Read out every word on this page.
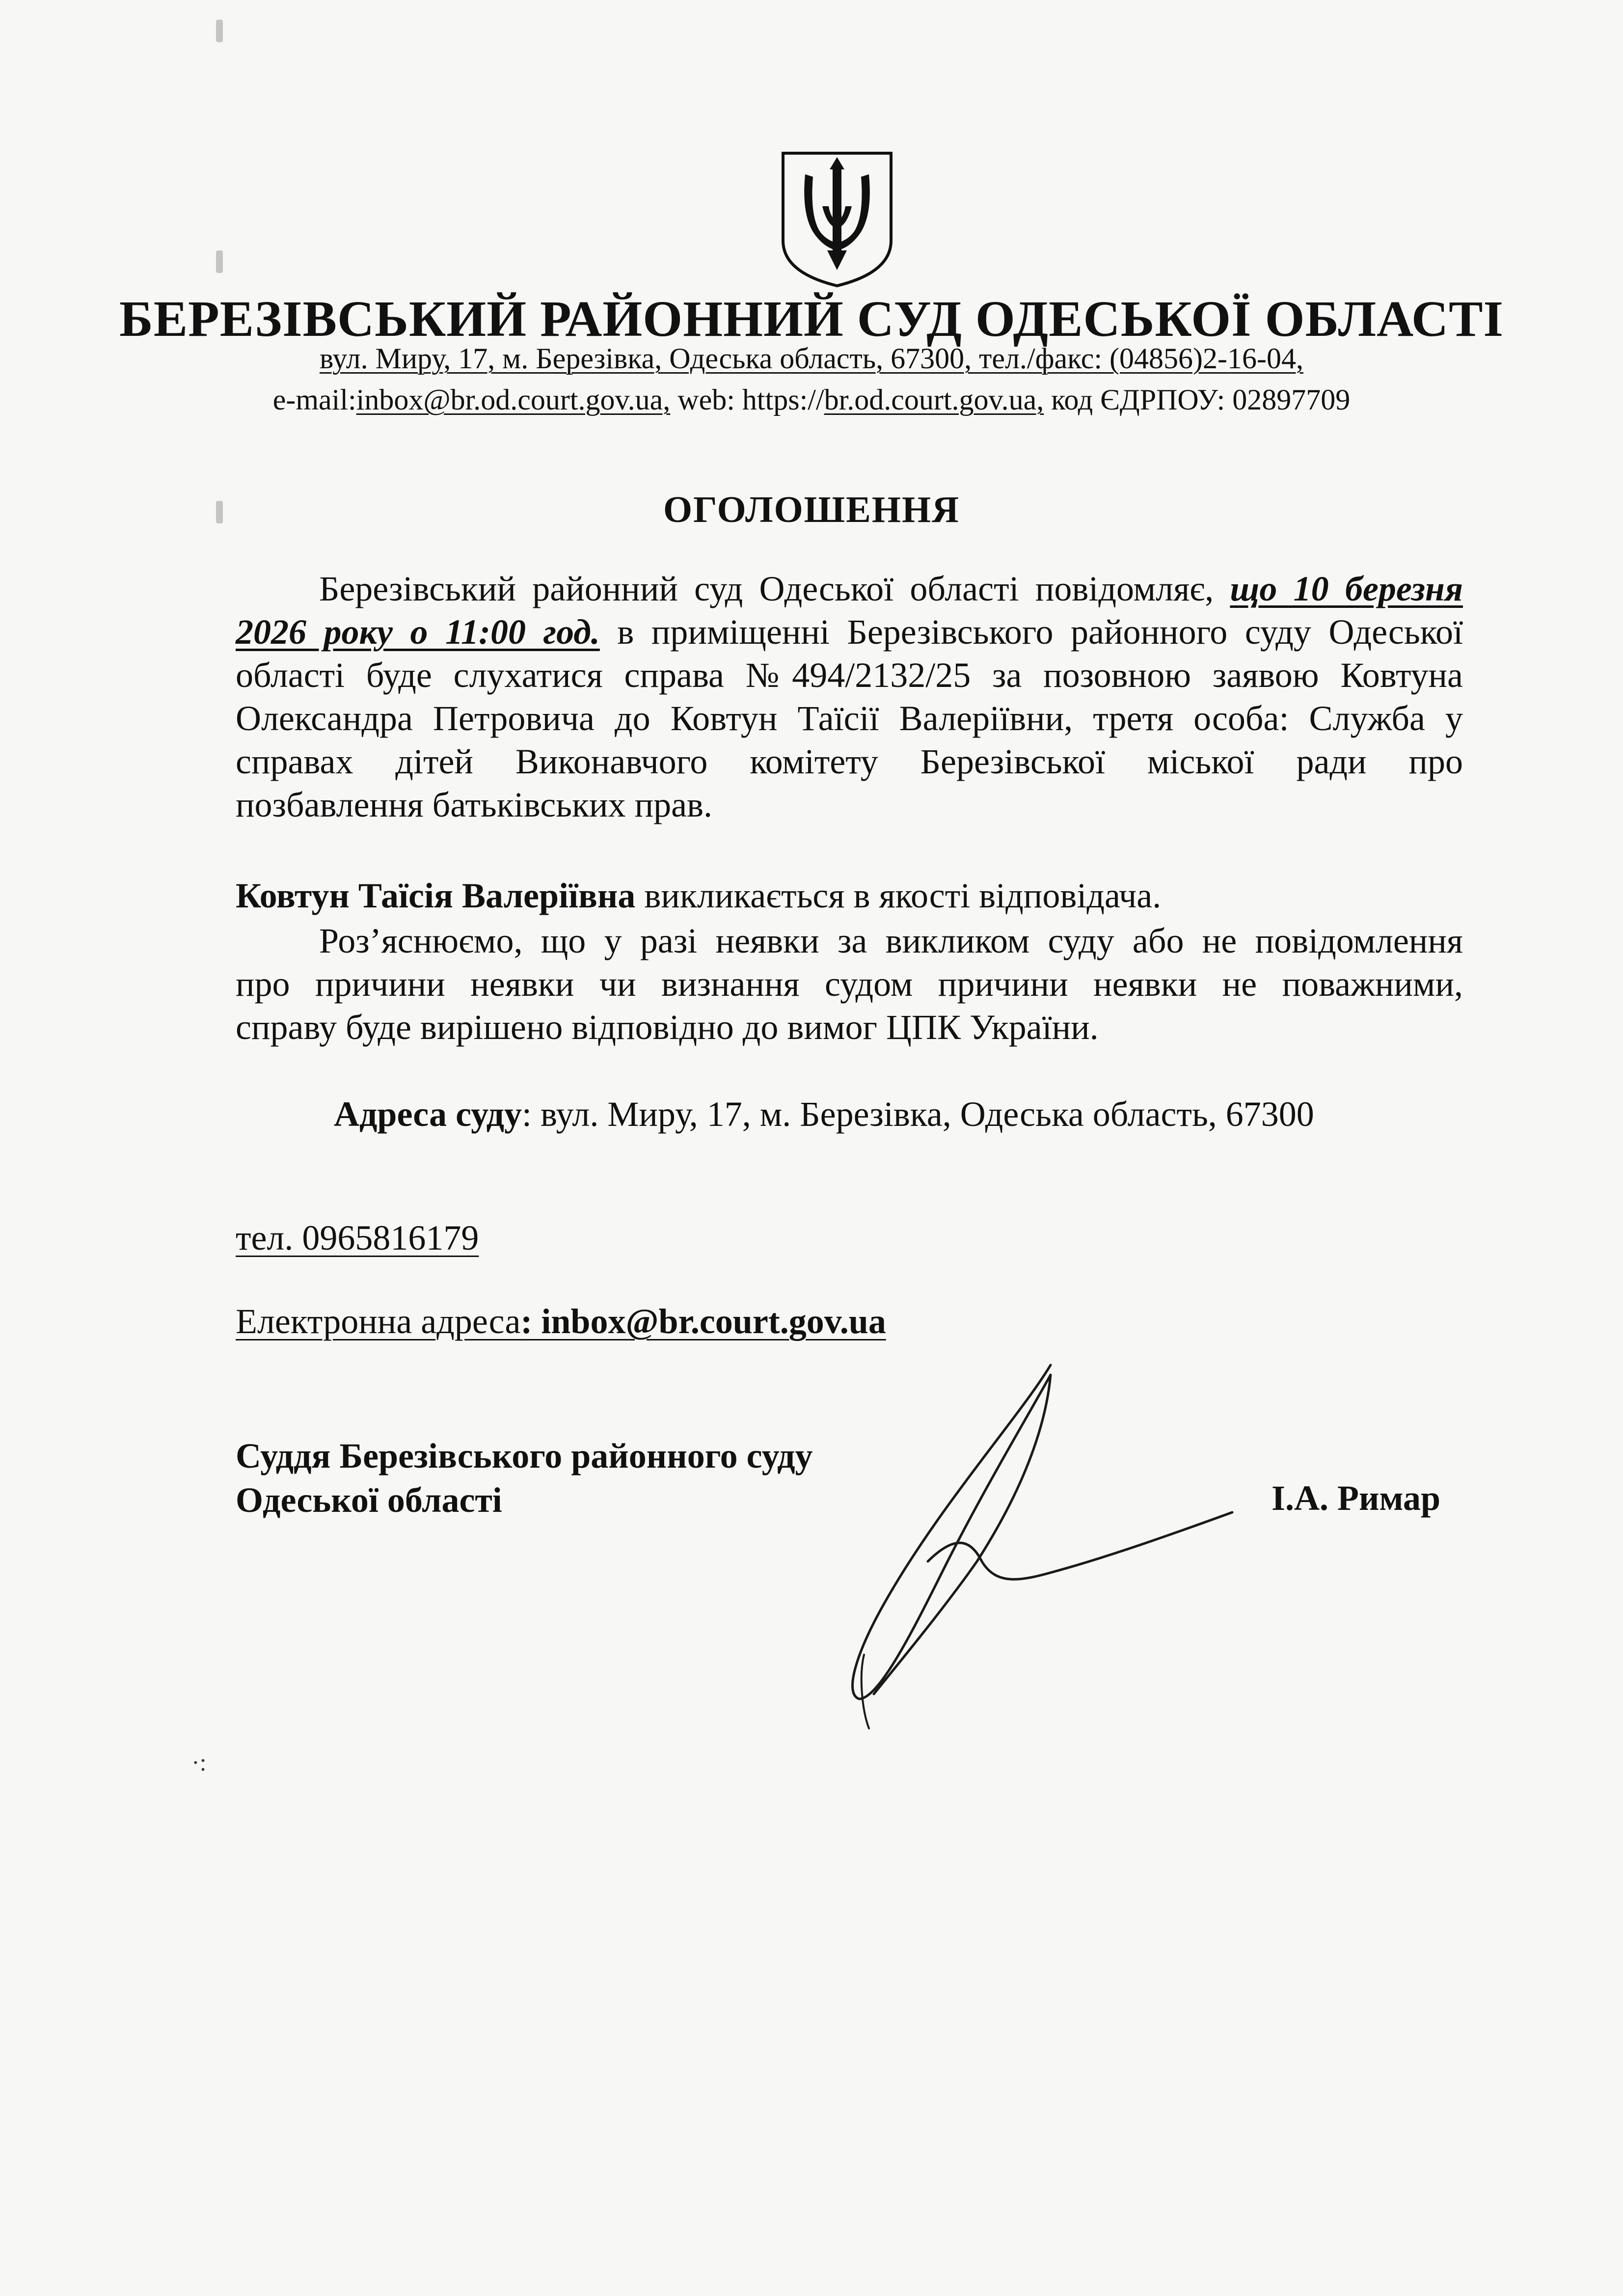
БЕРЕЗІВСЬКИЙ РАЙОННИЙ СУД ОДЕСЬКОЇ ОБЛАСТІ
вул. Миру, 17, м. Березівка, Одеська область, 67300, тел./факс: (04856)2-16-04,
e-mail:inbox@br.od.court.gov.ua, web: https://br.od.court.gov.ua, код ЄДРПОУ: 02897709
ОГОЛОШЕННЯ
Березівський районний суд Одеської області повідомляє, що 10 березня
2026 року о 11:00 год. в приміщенні Березівського районного суду Одеської
області буде слухатися справа №494/2132/25 за позовною заявою Ковтуна
Олександра Петровича до Ковтун Таїсії Валеріївни, третя особа: Служба у
справах дітей Виконавчого комітету Березівської міської ради про
позбавлення батьківських прав.
Ковтун Таїсія Валеріївна викликається в якості відповідача.
Роз’яснюємо, що у разі неявки за викликом суду або не повідомлення
про причини неявки чи визнання судом причини неявки не поважними,
справу буде вирішено відповідно до вимог ЦПК України.
Адреса суду: вул. Миру, 17, м. Березівка, Одеська область, 67300
тел. 0965816179
Електронна адреса: inbox@br.court.gov.ua
Суддя Березівського районного суду
Одеської області	І.А. Римар
·:
